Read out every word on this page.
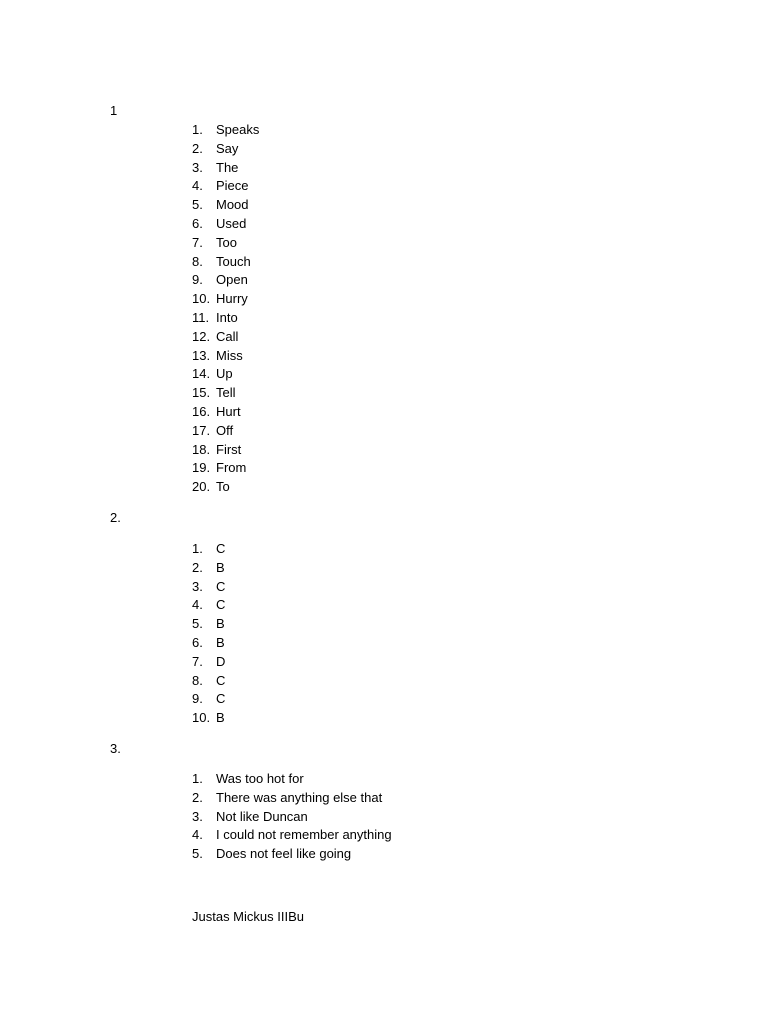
1
1.	Speaks
2.	Say
3.	The
4.	Piece
5.	Mood
6.	Used
7.	Too
8.	Touch
9.	Open
10. Hurry
11. Into
12. Call
13. Miss
14. Up
15. Tell
16. Hurt
17. Off
18. First
19. From
20. To
2.
1.	C
2.	B
3.	C
4.	C
5.	B
6.	B
7.	D
8.	C
9.	C
10. B
3.
1.	Was too hot for
2.	There was anything else that
3.	Not like Duncan
4.	I could not remember anything
5.	Does not feel like going
Justas Mickus IIIBu
